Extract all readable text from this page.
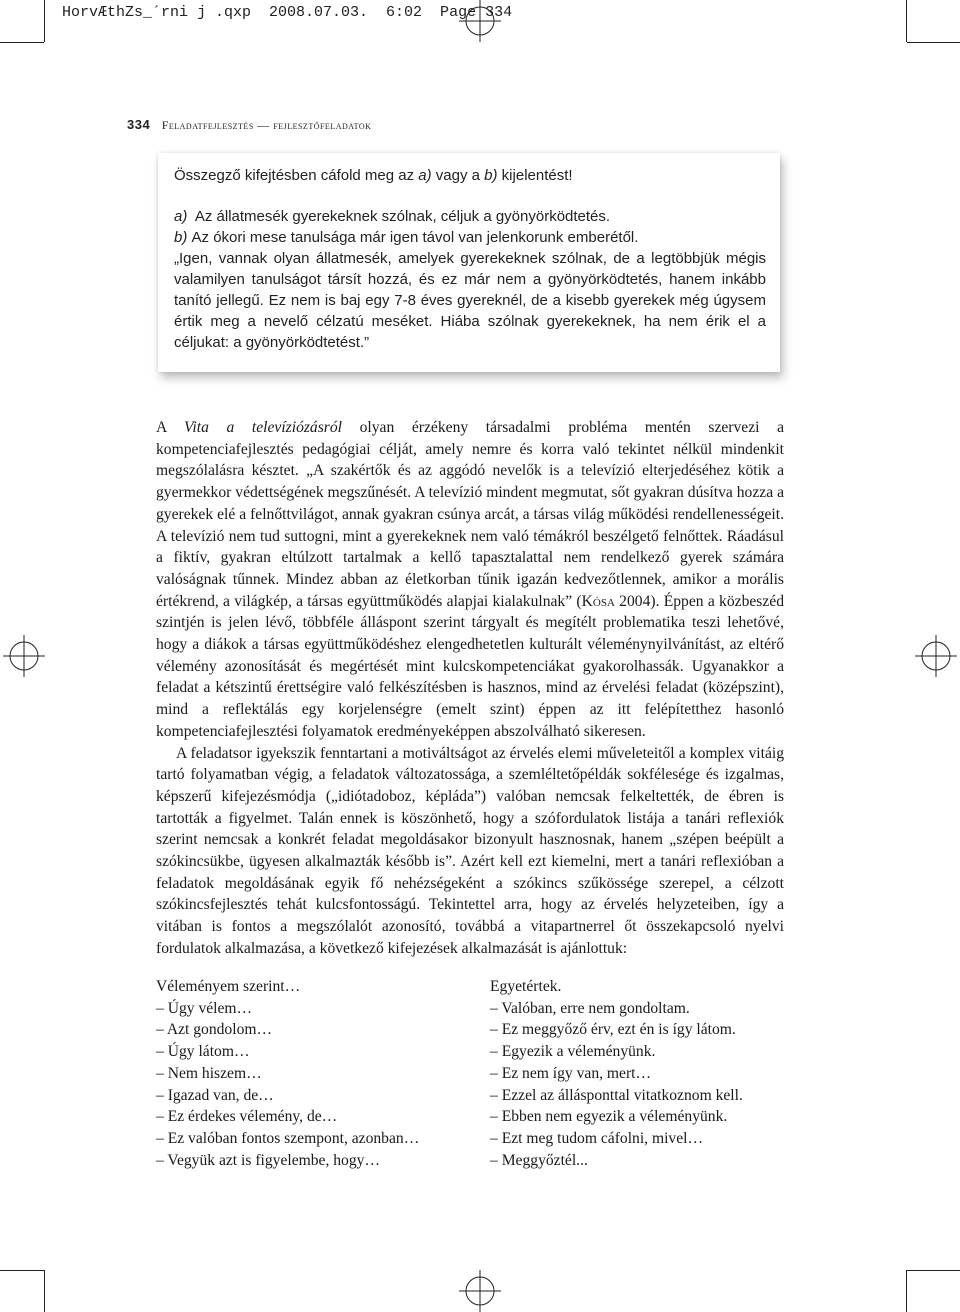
HorvÆthZs_´rni j .qxp  2008.07.03.  6:02  Page 334
334 Feladatfejlesztés — fejlesztőfeladatok

Összegző kifejtésben cáfold meg az a) vagy a b) kijelentést!

a) Az állatmesék gyerekeknek szólnak, céljuk a gyönyörködtetés.

b) Az ókori mese tanulsága már igen távol van jelenkorunk emberétől.

„Igen, vannak olyan állatmesék, amelyek gyerekeknek szólnak, de a legtöbbjük mégis valamilyen tanulságot társít hozzá, és ez már nem a gyönyörködtetés, hanem inkább tanító jellegű. Ez nem is baj egy 7-8 éves gyereknél, de a kisebb gyerekek még úgysem értik meg a nevelő célzatú meséket. Hiába szólnak gyerekeknek, ha nem érik el a céljukat: a gyönyörködtetést.”

A Vita a televíziózásról olyan érzékeny társadalmi probléma mentén szervezi a kompetenciafejlesztés pedagógiai célját, amely nemre és korra való tekintet nélkül mindenkit megszólalásra késztet. „A szakértők és az aggódó nevelők is a televízió elterjedéséhez kötik a gyermekkor védettségének megszűnését. A televízió mindent megmutat, sőt gyakran dúsítva hozza a gyerekek elé a felnőttvilágot, annak gyakran csúnya arcát, a társas világ működési rendellenességeit. A televízió nem tud suttogni, mint a gyerekeknek nem való témákról beszélgető felnőttek. Ráadásul a fiktív, gyakran eltúlzott tartalmak a kellő tapasztalattal nem rendelkező gyerek számára valóságnak tűnnek. Mindez abban az életkorban tűnik igazán kedvezőtlennek, amikor a morális értékrend, a világkép, a társas együttműködés alapjai kialakulnak” (Kósa 2004). Éppen a közbeszéd szintjén is jelen lévő, többféle álláspont szerint tárgyalt és megítélt problematika teszi lehetővé, hogy a diákok a társas együttműködéshez elengedhetetlen kulturált véleménynyilvánítást, az eltérő vélemény azonosítását és megértését mint kulcskompetenciákat gyakorolhassák. Ugyanakkor a feladat a kétszintű érettségire való felkészítésben is hasznos, mind az érvelési feladat (középszint), mind a reflektálás egy korjelenségre (emelt szint) éppen az itt felépítetthez hasonló kompetenciafejlesztési folyamatok eredményeképpen abszolválható sikeresen.

A feladatsor igyekszik fenntartani a motiváltságot az érvelés elemi műveleteitől a komplex vitáig tartó folyamatban végig, a feladatok változatossága, a szemléltetőpéldák sokfélesége és izgalmas, képszerű kifejezésmódja („idiótadoboz, képláda”) valóban nemcsak felkeltették, de ébren is tartották a figyelmet. Talán ennek is köszönhető, hogy a szófordulatok listája a tanári reflexiók szerint nemcsak a konkrét feladat megoldásakor bizonyult hasznosnak, hanem „szépen beépült a szókincsükbe, ügyesen alkalmazták később is”. Azért kell ezt kiemelni, mert a tanári reflexióban a feladatok megoldásának egyik fő nehézségeként a szókincs szűkössége szerepel, a célzott szókincsfejlesztés tehát kulcsfontosságú. Tekintettel arra, hogy az érvelés helyzeteiben, így a vitában is fontos a megszólalót azonosító, továbbá a vitapartnerrel őt összekapcsoló nyelvi fordulatok alkalmazása, a következő kifejezések alkalmazását is ajánlottuk:

Véleményem szerint…
– Úgy vélem…
– Azt gondolom…
– Úgy látom…
– Nem hiszem…
– Igazad van, de…
– Ez érdekes vélemény, de…
– Ez valóban fontos szempont, azonban…
– Vegyük azt is figyelembe, hogy…
Egyetértek.
– Valóban, erre nem gondoltam.
– Ez meggyőző érv, ezt én is így látom.
– Egyezik a véleményünk.
– Ez nem így van, mert…
– Ezzel az állásponttal vitatkoznom kell.
– Ebben nem egyezik a véleményünk.
– Ezt meg tudom cáfolni, mivel…
– Meggyőztél...
